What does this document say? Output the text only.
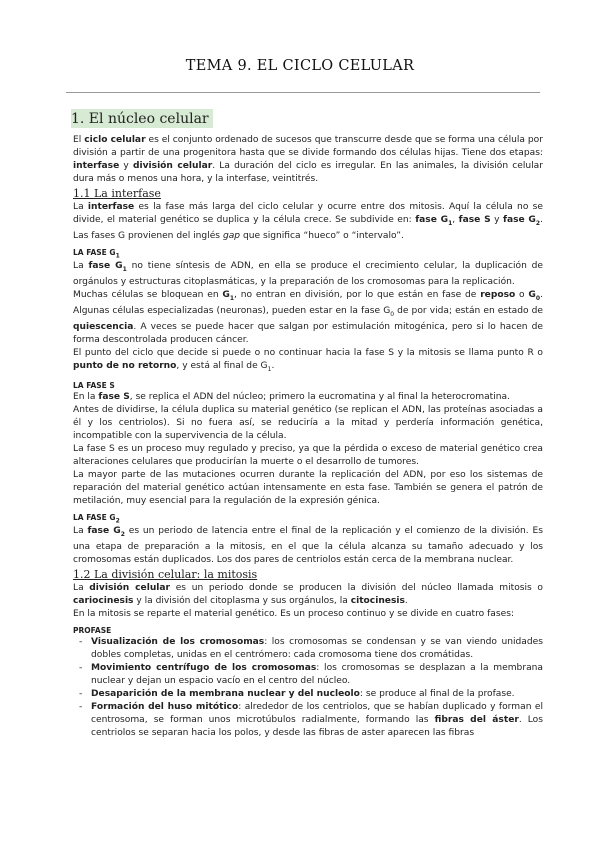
TEMA 9. EL CICLO CELULAR
1. El núcleo celular

El ciclo celular es el conjunto ordenado de sucesos que transcurre desde que se forma una célula por división a partir de una progenitora hasta que se divide formando dos células hijas. Tiene dos etapas: interfase y división celular. La duración del ciclo es irregular. En las animales, la división celular dura más o menos una hora, y la interfase, veintitrés.

1.1 La interfase

La interfase es la fase más larga del ciclo celular y ocurre entre dos mitosis. Aquí la célula no se divide, el material genético se duplica y la célula crece. Se subdivide en: fase $G_1$, fase S y fase $G_2$. Las fases G provienen del inglés gap que significa “hueco” o “intervalo”.

LA FASE $G_1$

La fase $G_1$ no tiene síntesis de ADN, en ella se produce el crecimiento celular, la duplicación de orgánulos y estructuras citoplasmáticas, y la preparación de los cromosomas para la replicación.

Muchas células se bloquean en $G_1$, no entran en división, por lo que están en fase de reposo o $G_0$. Algunas células especializadas (neuronas), pueden estar en la fase $G_0$ de por vida; están en estado de quiescencia. A veces se puede hacer que salgan por estimulación mitogénica, pero si lo hacen de forma descontrolada producen cáncer.

El punto del ciclo que decide si puede o no continuar hacia la fase S y la mitosis se llama punto R o punto de no retorno, y está al final de $G_1$.

LA FASE S

En la fase S, se replica el ADN del núcleo; primero la eucromatina y al final la heterocromatina.

Antes de dividirse, la célula duplica su material genético (se replican el ADN, las proteínas asociadas a él y los centriolos). Si no fuera así, se reduciría a la mitad y perdería información genética, incompatible con la supervivencia de la célula.

La fase S es un proceso muy regulado y preciso, ya que la pérdida o exceso de material genético crea alteraciones celulares que producirían la muerte o el desarrollo de tumores.

La mayor parte de las mutaciones ocurren durante la replicación del ADN, por eso los sistemas de reparación del material genético actúan intensamente en esta fase. También se genera el patrón de metilación, muy esencial para la regulación de la expresión génica.

LA FASE $G_2$

La fase $G_2$ es un periodo de latencia entre el final de la replicación y el comienzo de la división. Es una etapa de preparación a la mitosis, en el que la célula alcanza su tamaño adecuado y los cromosomas están duplicados. Los dos pares de centriolos están cerca de la membrana nuclear.

1.2 La división celular: la mitosis

La división celular es un periodo donde se producen la división del núcleo llamada mitosis o cariocinesis y la división del citoplasma y sus orgánulos, la citocinesis.

En la mitosis se reparte el material genético. Es un proceso continuo y se divide en cuatro fases:

PROFASE
- Visualización de los cromosomas: los cromosomas se condensan y se van viendo unidades dobles completas, unidas en el centrómero: cada cromosoma tiene dos cromátidas.
- Movimiento centrífugo de los cromosomas: los cromosomas se desplazan a la membrana nuclear y dejan un espacio vacío en el centro del núcleo.
- Desaparición de la membrana nuclear y del nucleolo: se produce al final de la profase.
- Formación del huso mitótico: alrededor de los centriolos, que se habían duplicado y forman el centrosoma, se forman unos microtúbulos radialmente, formando las fibras del áster. Los centriolos se separan hacia los polos, y desde las fibras de aster aparecen las fibras
